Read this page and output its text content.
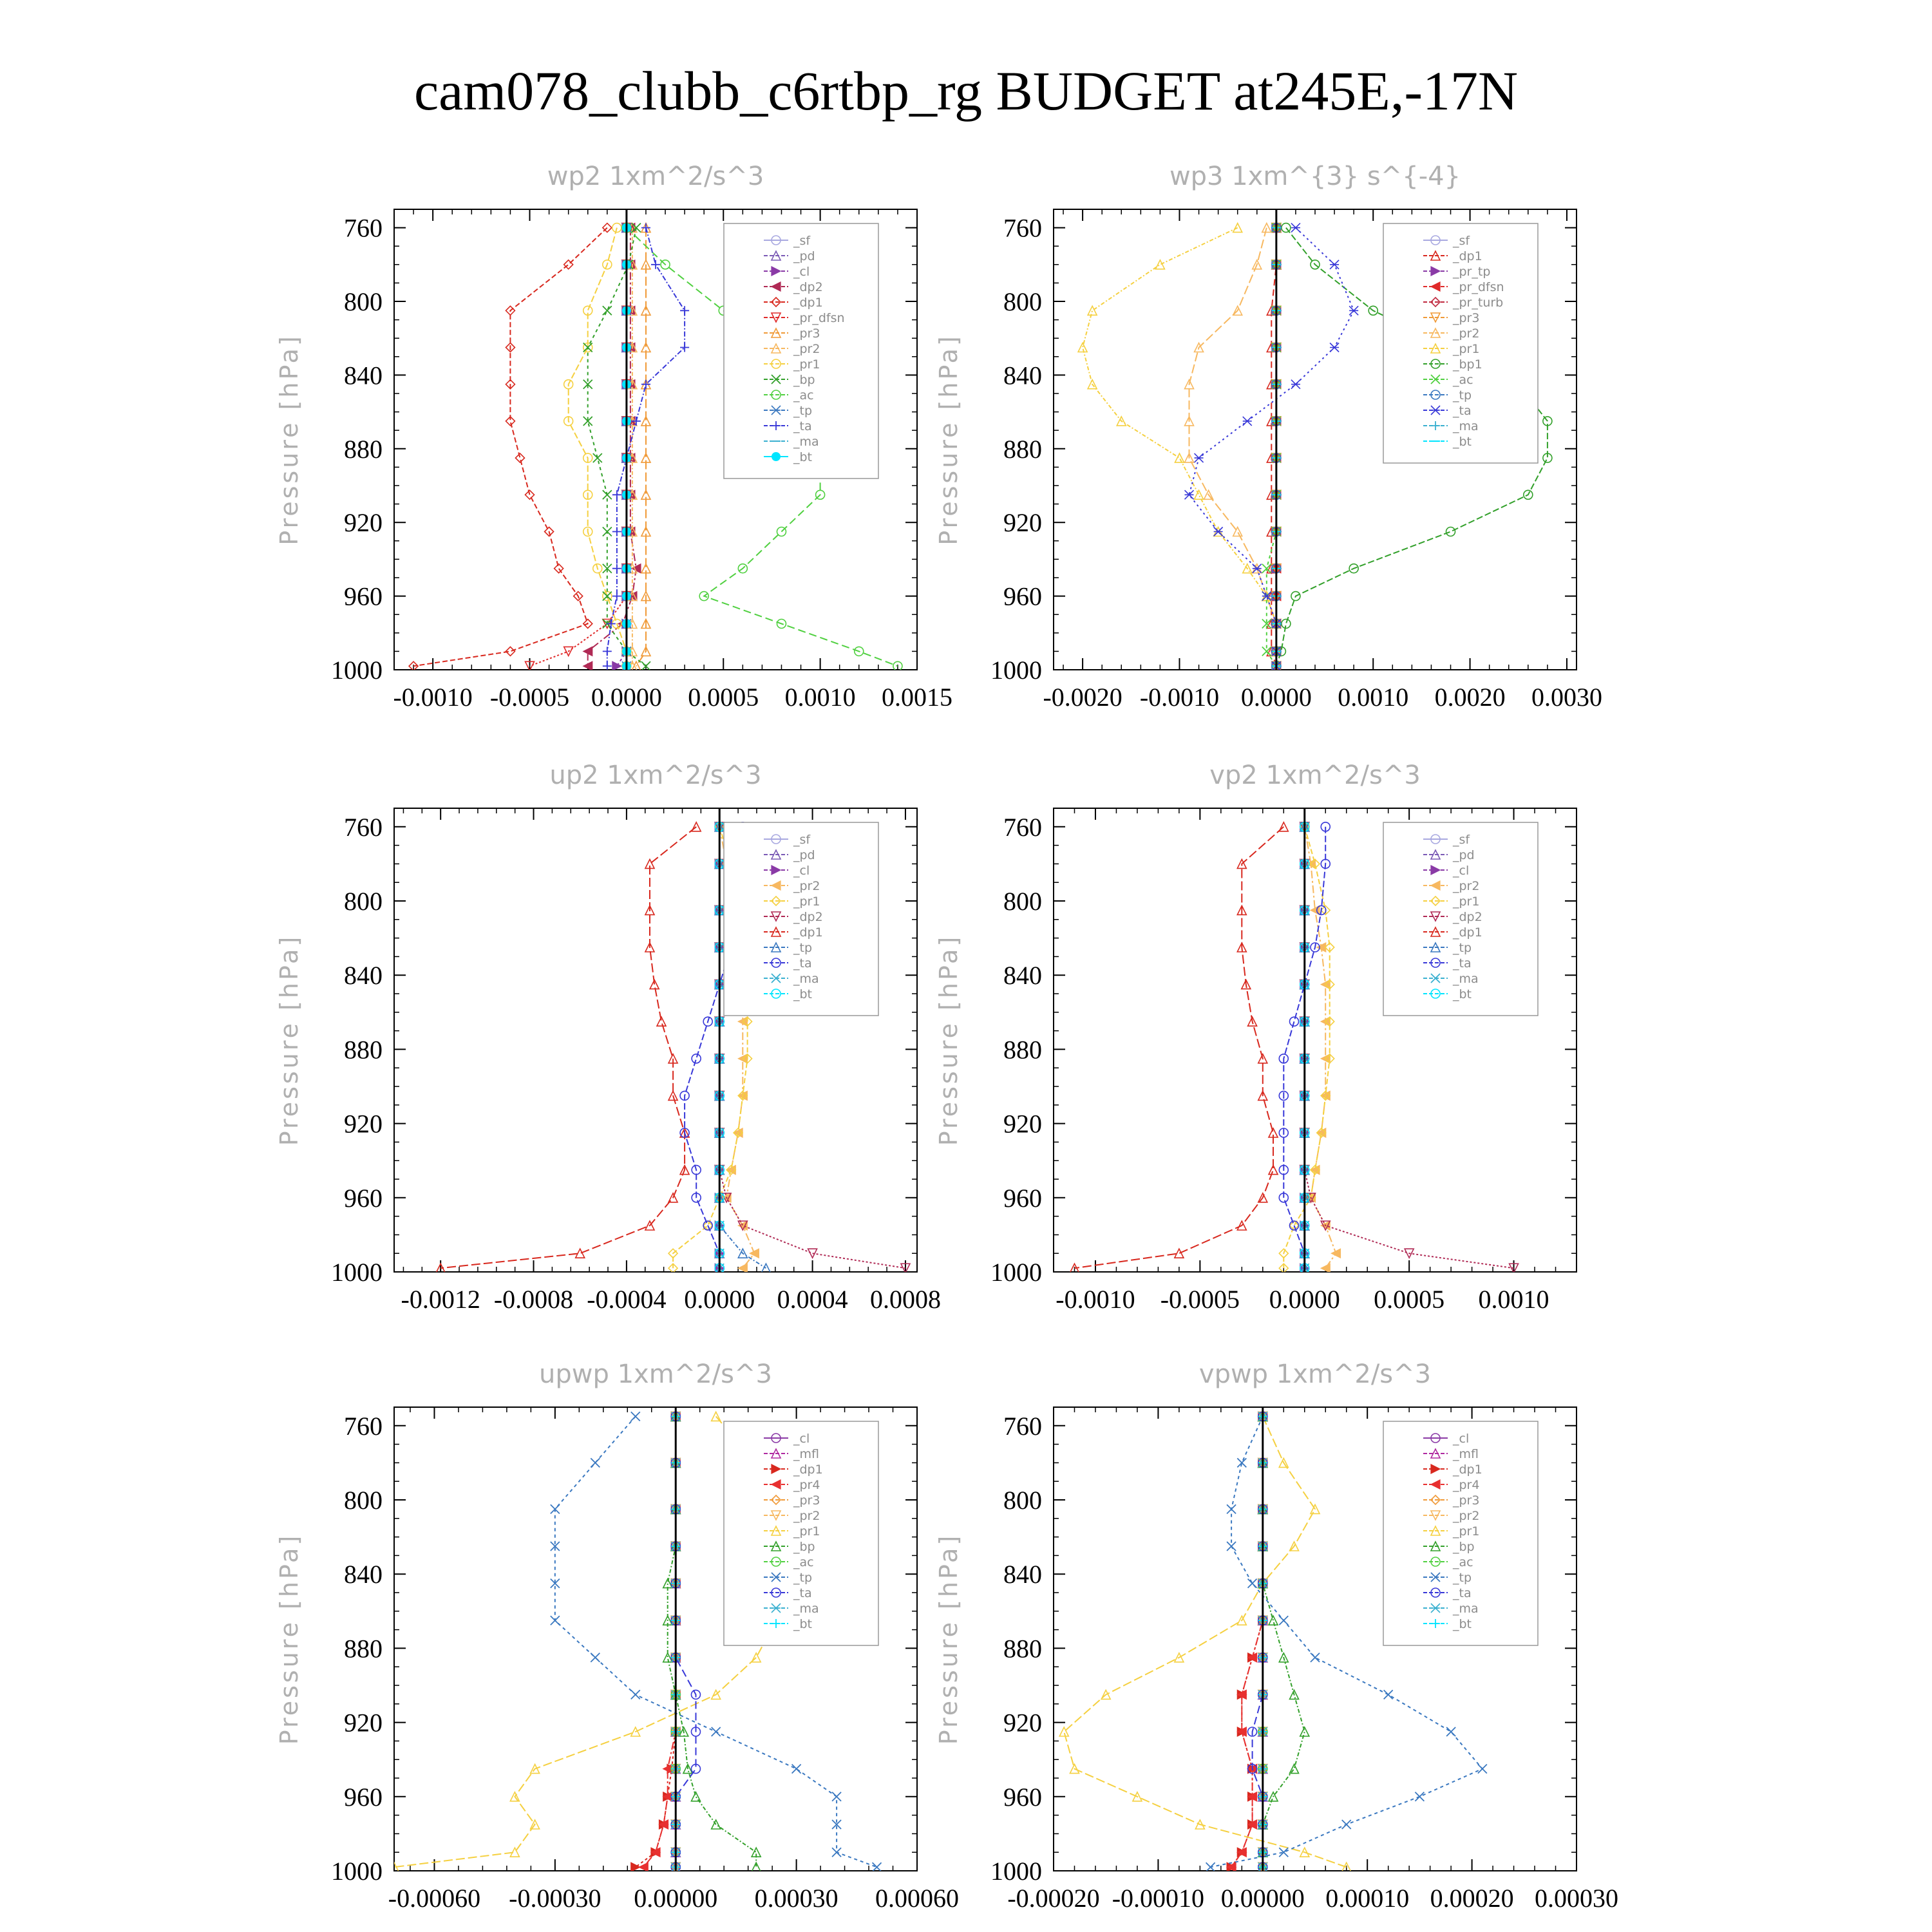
cam078_clubb_c6rtbp_rg BUDGET at245E,-17N
wp2 1xm^2/s^3
Pressure [hPa]
760
800
840
880
920
960
1000
-0.0010 -0.0005 0.0000 0.0005 0.0010 0.0015
_sf
_pd
_cl
_dp2
_dp1
_pr_dfsn
_pr3
_pr2
_pr1
_bp
_ac
_tp
_ta
_ma
_bt
wp3 1xm^{3} s^{-4}
Pressure [hPa]
760
800
840
880
920
960
1000
-0.0020 -0.0010 0.0000 0.0010 0.0020 0.0030
_sf
_dp1
_pr_tp
_pr_dfsn
_pr_turb
_pr3
_pr2
_pr1
_bp1
_ac
_tp
_ta
_ma
_bt
up2 1xm^2/s^3
Pressure [hPa]
760
800
840
880
920
960
1000
-0.0012 -0.0008 -0.0004 0.0000 0.0004 0.0008
_sf
_pd
_cl
_pr2
_pr1
_dp2
_dp1
_tp
_ta
_ma
_bt
vp2 1xm^2/s^3
Pressure [hPa]
760
800
840
880
920
960
1000
-0.0010 -0.0005 0.0000 0.0005 0.0010
_sf
_pd
_cl
_pr2
_pr1
_dp2
_dp1
_tp
_ta
_ma
_bt
upwp 1xm^2/s^3
Pressure [hPa]
760
800
840
880
920
960
1000
-0.00060 -0.00030 0.00000 0.00030 0.00060
_cl
_mfl
_dp1
_pr4
_pr3
_pr2
_pr1
_bp
_ac
_tp
_ta
_ma
_bt
vpwp 1xm^2/s^3
Pressure [hPa]
760
800
840
880
920
960
1000
-0.00020 -0.00010 0.00000 0.00010 0.00020 0.00030
_cl
_mfl
_dp1
_pr4
_pr3
_pr2
_pr1
_bp
_ac
_tp
_ta
_ma
_bt
